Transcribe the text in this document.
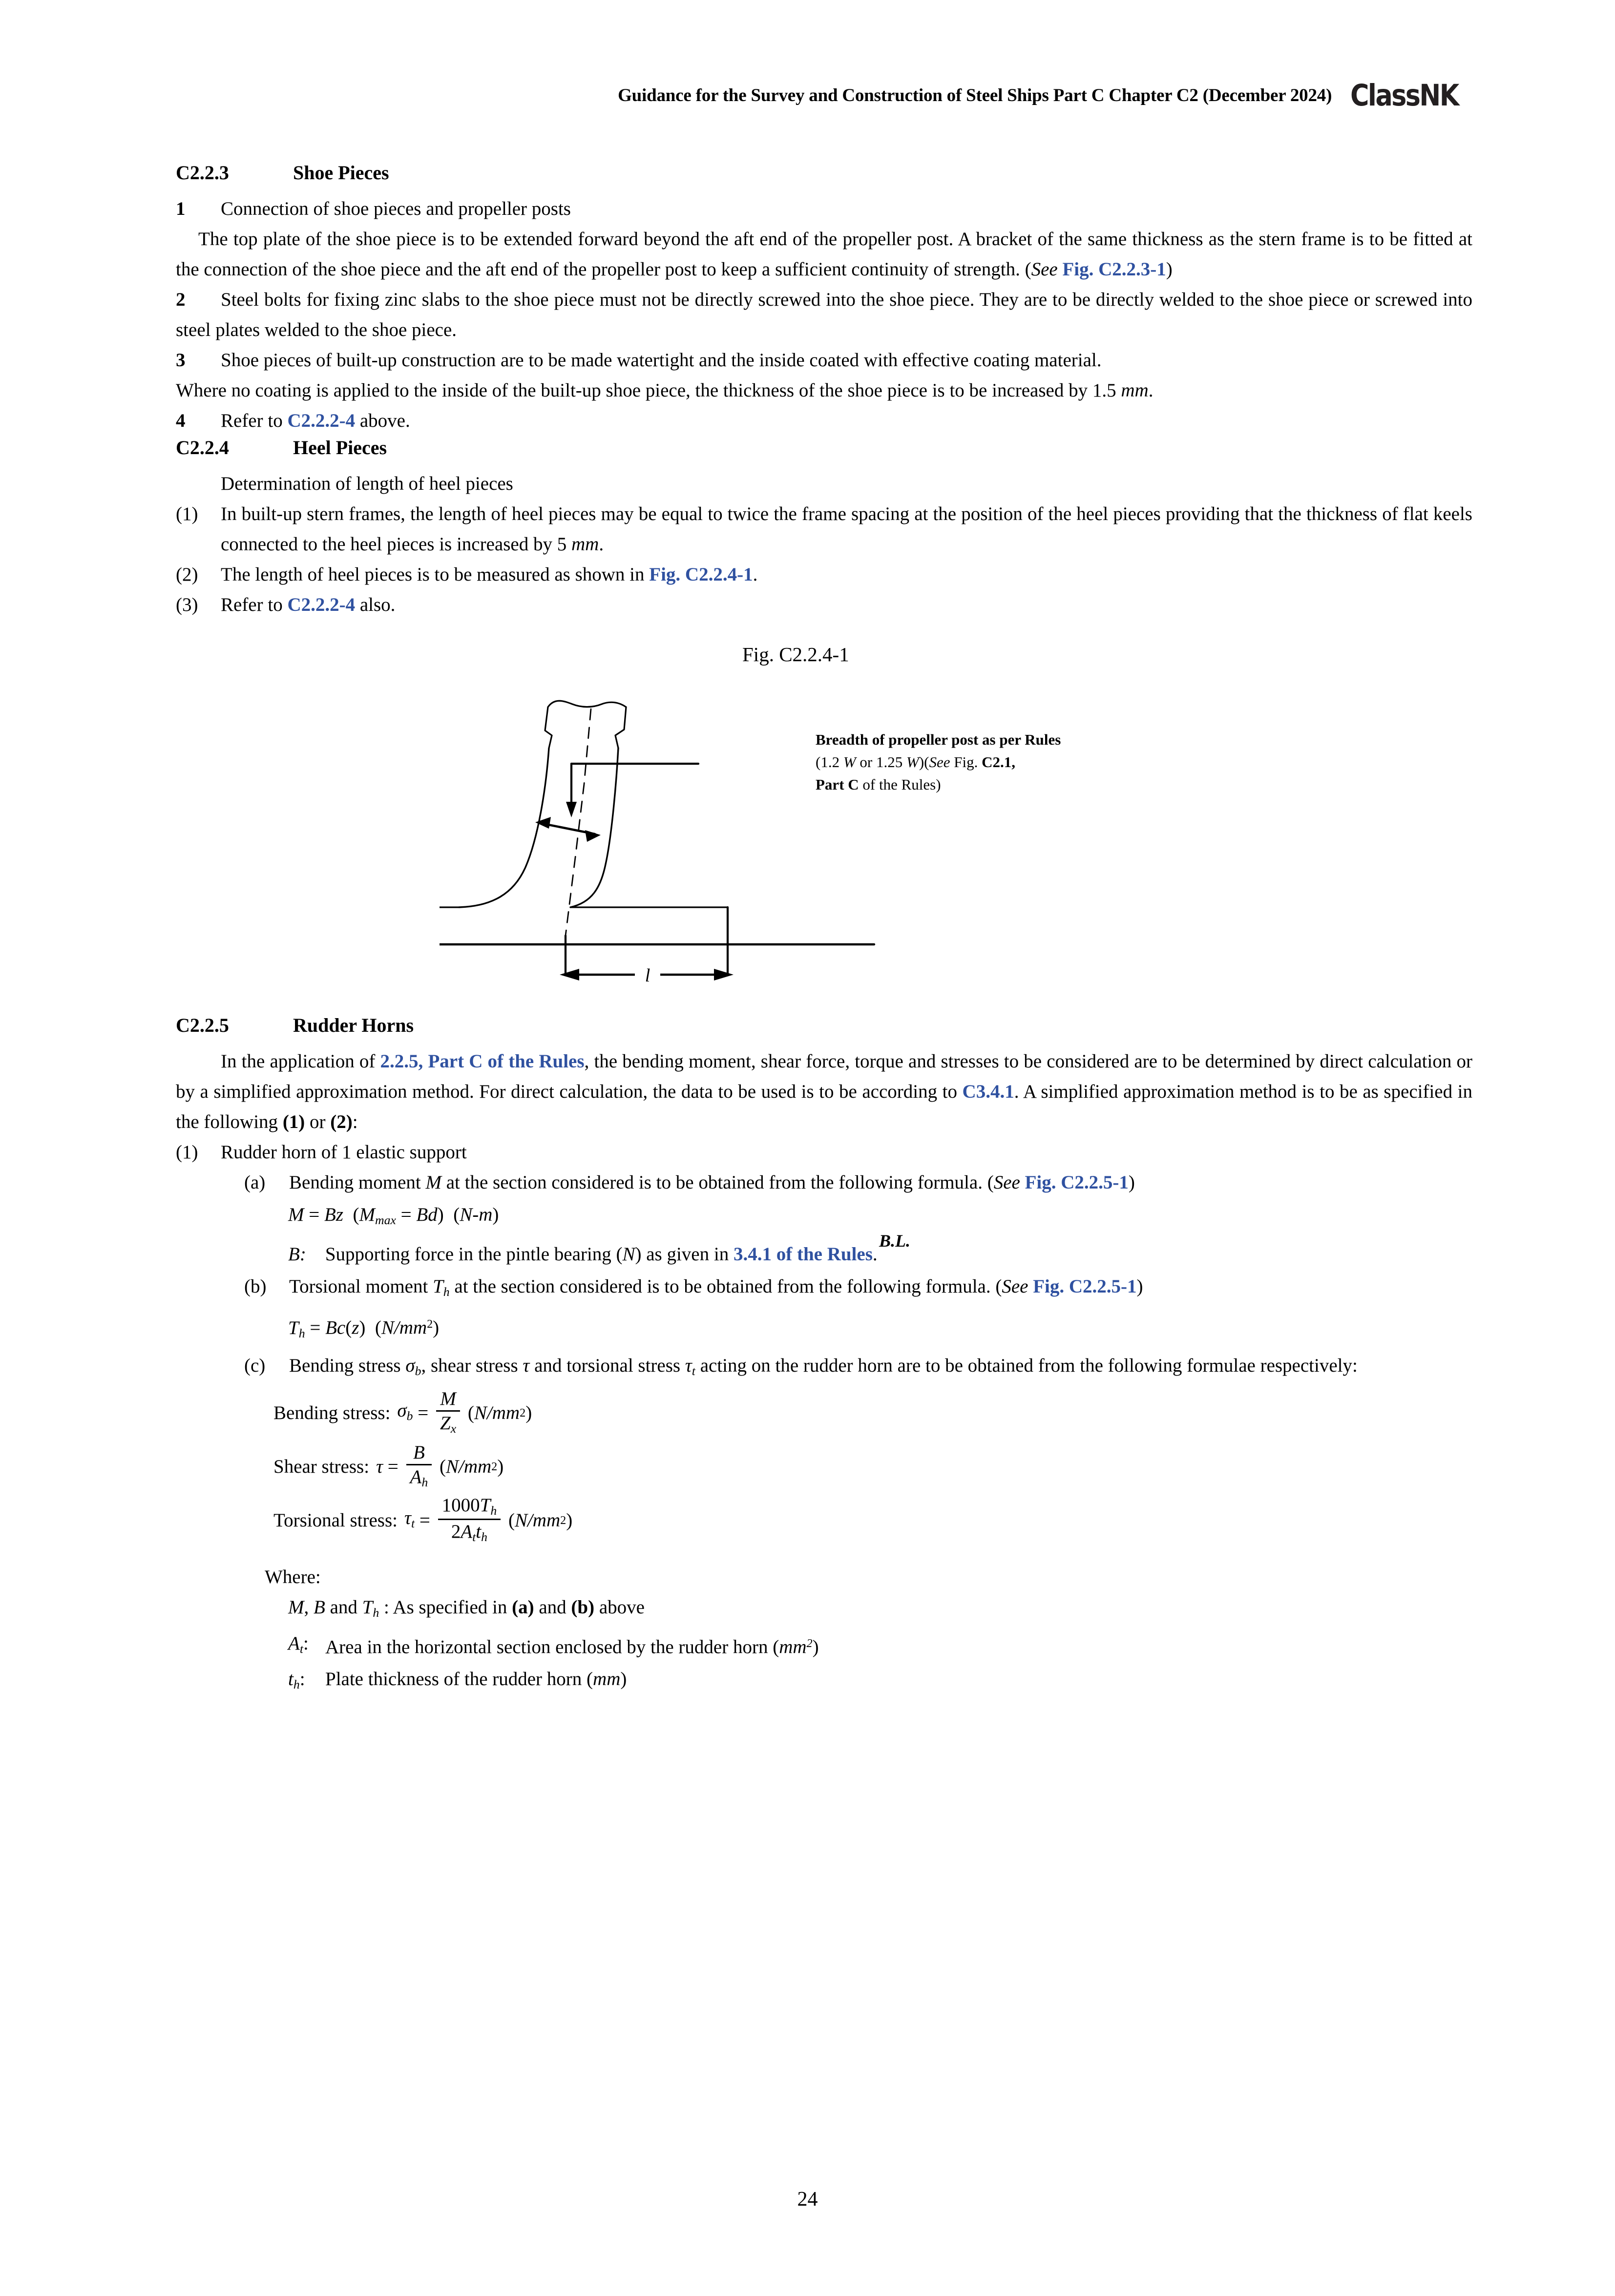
Guidance for the Survey and Construction of Steel Ships Part C Chapter C2 (December 2024) ClassNK
C2.2.3	Shoe Pieces

1 Connection of shoe pieces and propeller posts

The top plate of the shoe piece is to be extended forward beyond the aft end of the propeller post. A bracket of the same thickness as the stern frame is to be fitted at the connection of the shoe piece and the aft end of the propeller post to keep a sufficient continuity of strength. (See Fig. C2.2.3-1)

2 Steel bolts for fixing zinc slabs to the shoe piece must not be directly screwed into the shoe piece. They are to be directly welded to the shoe piece or screwed into steel plates welded to the shoe piece.

3 Shoe pieces of built-up construction are to be made watertight and the inside coated with effective coating material.

Where no coating is applied to the inside of the built-up shoe piece, the thickness of the shoe piece is to be increased by 1.5 mm.

4 Refer to C2.2.2-4 above.

C2.2.4	Heel Pieces

Determination of length of heel pieces

(1)	In built-up stern frames, the length of heel pieces may be equal to twice the frame spacing at the position of the heel pieces providing that the thickness of flat keels connected to the heel pieces is increased by 5 mm.
(2)	The length of heel pieces is to be measured as shown in Fig. C2.2.4-1.
(3)	Refer to C2.2.2-4 also.
Fig. C2.2.4-1
l
Breadth of propeller post as per Rules
(1.2 W or 1.25 W)(See Fig. C2.1,
Part C of the Rules)
B.L.
C2.2.5	Rudder Horns

In the application of 2.2.5, Part C of the Rules, the bending moment, shear force, torque and stresses to be considered are to be determined by direct calculation or by a simplified approximation method. For direct calculation, the data to be used is to be according to C3.4.1. A simplified approximation method is to be as specified in the following (1) or (2):

(1)	Rudder horn of 1 elastic support
(a)	Bending moment M at the section considered is to be obtained from the following formula. (See Fig. C2.2.5-1)
M = Bz  $(M_{max} = Bd)$  (N-m)
B: Supporting force in the pintle bearing (N) as given in 3.4.1 of the Rules.
(b)	Torsional moment $T_h$ at the section considered is to be obtained from the following formula. (See Fig. C2.2.5-1)
$T_h = Bc(z)$  $(N/mm^2)$
(c)	Bending stress $\sigma_b$, shear stress τ and torsional stress $\tau_t$ acting on the rudder horn are to be obtained from the following formulae respectively:
Bending stress: $\sigma_b = \frac{M}{Z_x}$ ( N/mm 2 )
Shear stress: $\tau = \frac{B}{A_h}$ ( N/mm 2 )
Torsional stress: $\tau_t = \frac{1000T_h}{2A_tt_h}$ ( N/mm 2 )

Where:

M, B and $T_h$ : As specified in (a) and (b) above
$A_t$: Area in the horizontal section enclosed by the rudder horn $(mm^2)$
$t_h$:	Plate thickness of the rudder horn (mm)
24
